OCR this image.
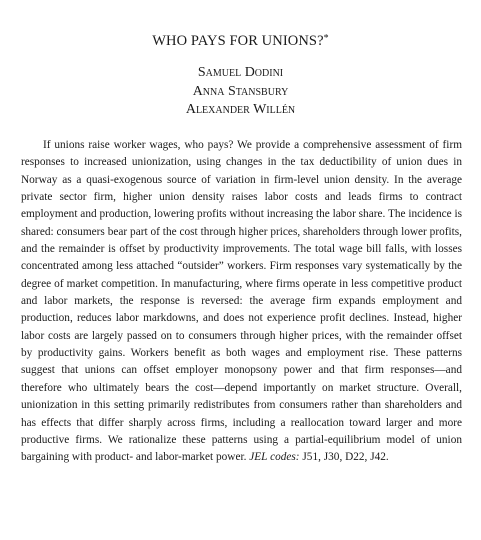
WHO PAYS FOR UNIONS?*
Samuel Dodini
Anna Stansbury
Alexander Willén

If unions raise worker wages, who pays? We provide a comprehensive assessment of firm responses to increased unionization, using changes in the tax deductibility of union dues in Norway as a quasi-exogenous source of variation in firm-level union density. In the average private sector firm, higher union density raises labor costs and leads firms to contract employment and production, lowering profits without increasing the labor share. The incidence is shared: consumers bear part of the cost through higher prices, shareholders through lower profits, and the remainder is offset by productivity improvements. The total wage bill falls, with losses concentrated among less attached “outsider” workers. Firm responses vary systematically by the degree of market competition. In manufacturing, where firms operate in less competitive product and labor markets, the response is reversed: the average firm expands employment and production, reduces labor markdowns, and does not experience profit declines. Instead, higher labor costs are largely passed on to consumers through higher prices, with the remainder offset by productivity gains. Workers benefit as both wages and employment rise. These patterns suggest that unions can offset employer monopsony power and that firm responses—and therefore who ultimately bears the cost—depend importantly on market structure. Overall, unionization in this setting primarily redistributes from consumers rather than shareholders and has effects that differ sharply across firms, including a reallocation toward larger and more productive firms. We rationalize these patterns using a partial-equilibrium model of union bargaining with product- and labor-market power. JEL codes: J51, J30, D22, J42.
